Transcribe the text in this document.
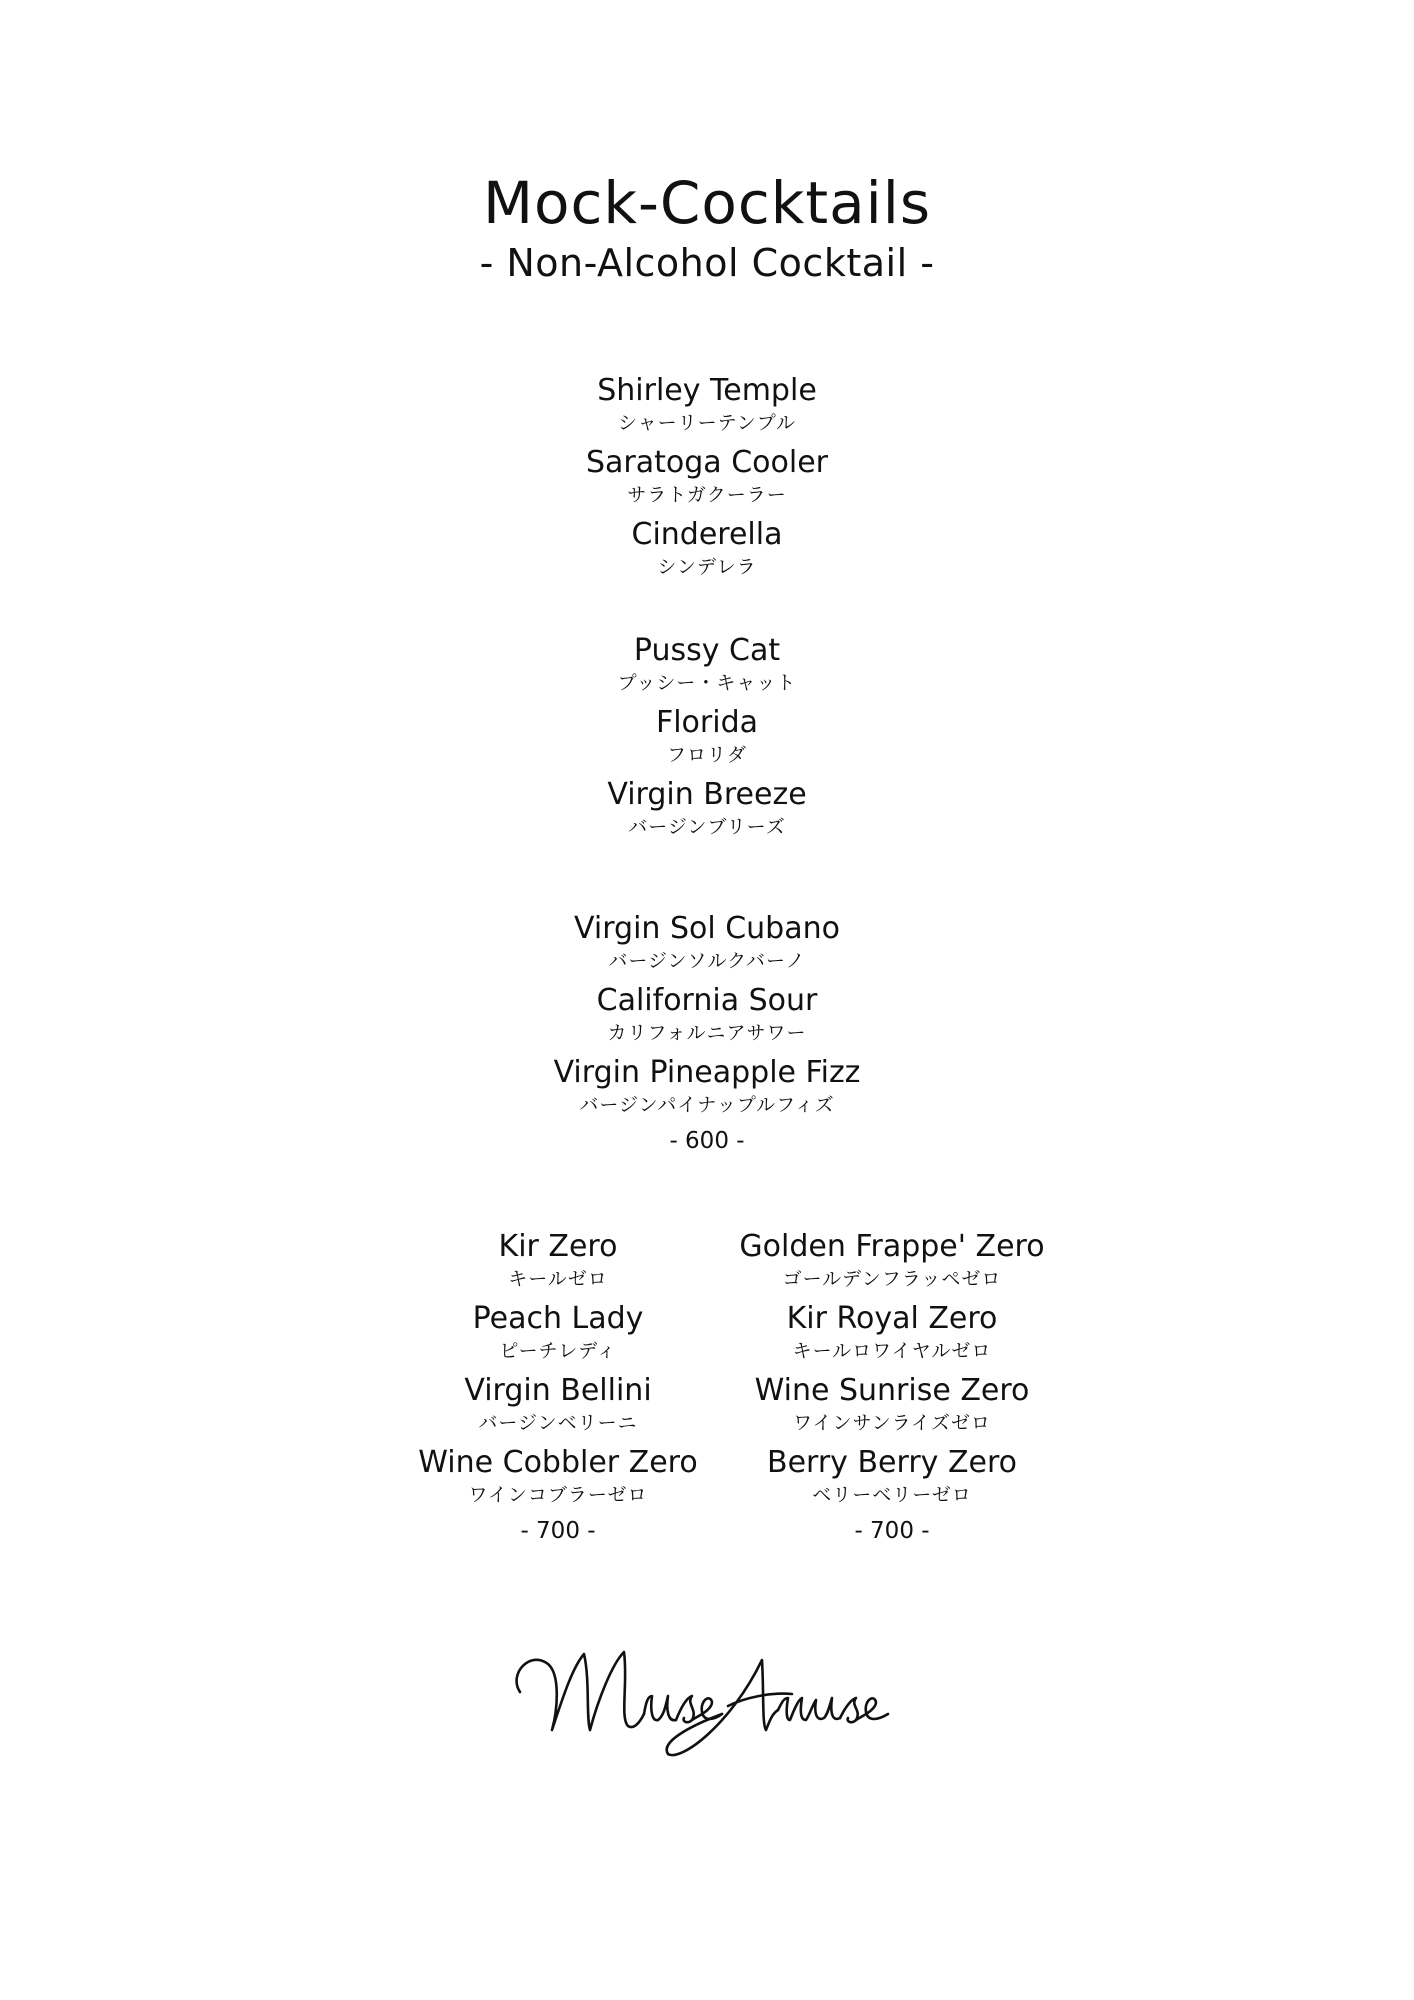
Mock-Cocktails
- Non-Alcohol Cocktail -
Shirley Temple
シャーリーテンプル
Saratoga Cooler
サラトガクーラー
Cinderella
シンデレラ
Pussy Cat
プッシー・キャット
Florida
フロリダ
Virgin Breeze
バージンブリーズ
Virgin Sol Cubano
バージンソルクバーノ
California Sour
カリフォルニアサワー
Virgin Pineapple Fizz
バージンパイナップルフィズ
- 600 -
Kir Zero
キールゼロ
Peach Lady
ピーチレディ
Virgin Bellini
バージンベリーニ
Wine Cobbler Zero
ワインコブラーゼロ
- 700 -
Golden Frappe' Zero
ゴールデンフラッペゼロ
Kir Royal Zero
キールロワイヤルゼロ
Wine Sunrise Zero
ワインサンライズゼロ
Berry Berry Zero
ベリーベリーゼロ
- 700 -
